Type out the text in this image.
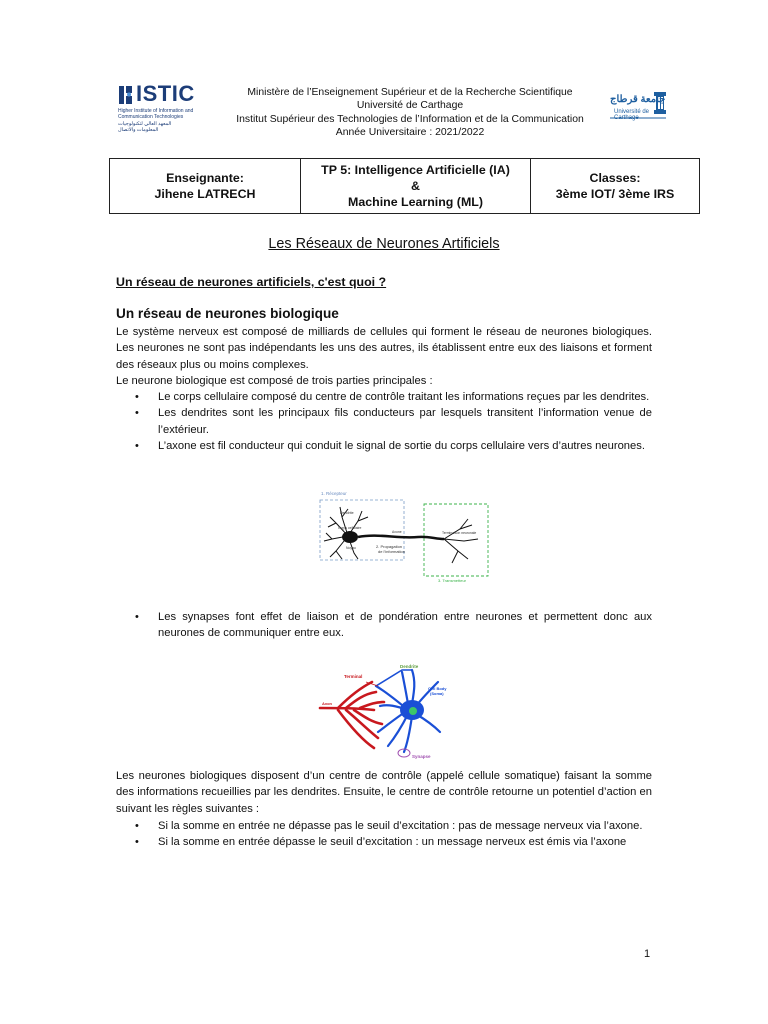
ISTIC
Higher Institute of Information and Communication Technologies
المعهد العالي لتكنولوجيات المعلومات والاتصال
جامعة قرطاج
Université de Carthage
Ministère de l’Enseignement Supérieur et de la Recherche Scientifique
Université de Carthage
Institut Supérieur des Technologies de l’Information et de la Communication
Année Universitaire : 2021/2022
Enseignante:
Jihene LATRECH
TP 5: Intelligence Artificielle (IA)
&
Machine Learning (ML)
Classes:
3ème IOT/ 3ème IRS
Les Réseaux de Neurones Artificiels
Un réseau de neurones artificiels, c'est quoi ?
Un réseau de neurones biologique
Le système nerveux est composé de milliards de cellules qui forment le réseau de neurones biologiques. Les neurones ne sont pas indépendants les uns des autres, ils établissent entre eux des liaisons et forment des réseaux plus ou moins complexes.
Le neurone biologique est composé de trois parties principales :
• Le corps cellulaire composé du centre de contrôle traitant les informations reçues par les dendrites.
• Les dendrites sont les principaux fils conducteurs par lesquels transitent l’information venue de l’extérieur.
• L’axone est fil conducteur qui conduit le signal de sortie du corps cellulaire vers d’autres neurones.
1. Récepteur
3. Transmetteur
Dendrite
Corps cellulaire
Noyau
Axone
2. Propagation
de l'information
Terminaison neuronale
• Les synapses font effet de liaison et de pondération entre neurones et permettent donc aux neurones de communiquer entre eux.
Terminal
Dendrite
Cell Body
(Soma)
Axon
Synapse
Les neurones biologiques disposent d’un centre de contrôle (appelé cellule somatique) faisant la somme des informations recueillies par les dendrites. Ensuite, le centre de contrôle retourne un potentiel d’action en suivant les règles suivantes :
• Si la somme en entrée ne dépasse pas le seuil d’excitation : pas de message nerveux via l’axone.
• Si la somme en entrée dépasse le seuil d’excitation : un message nerveux est émis via l’axone
1
